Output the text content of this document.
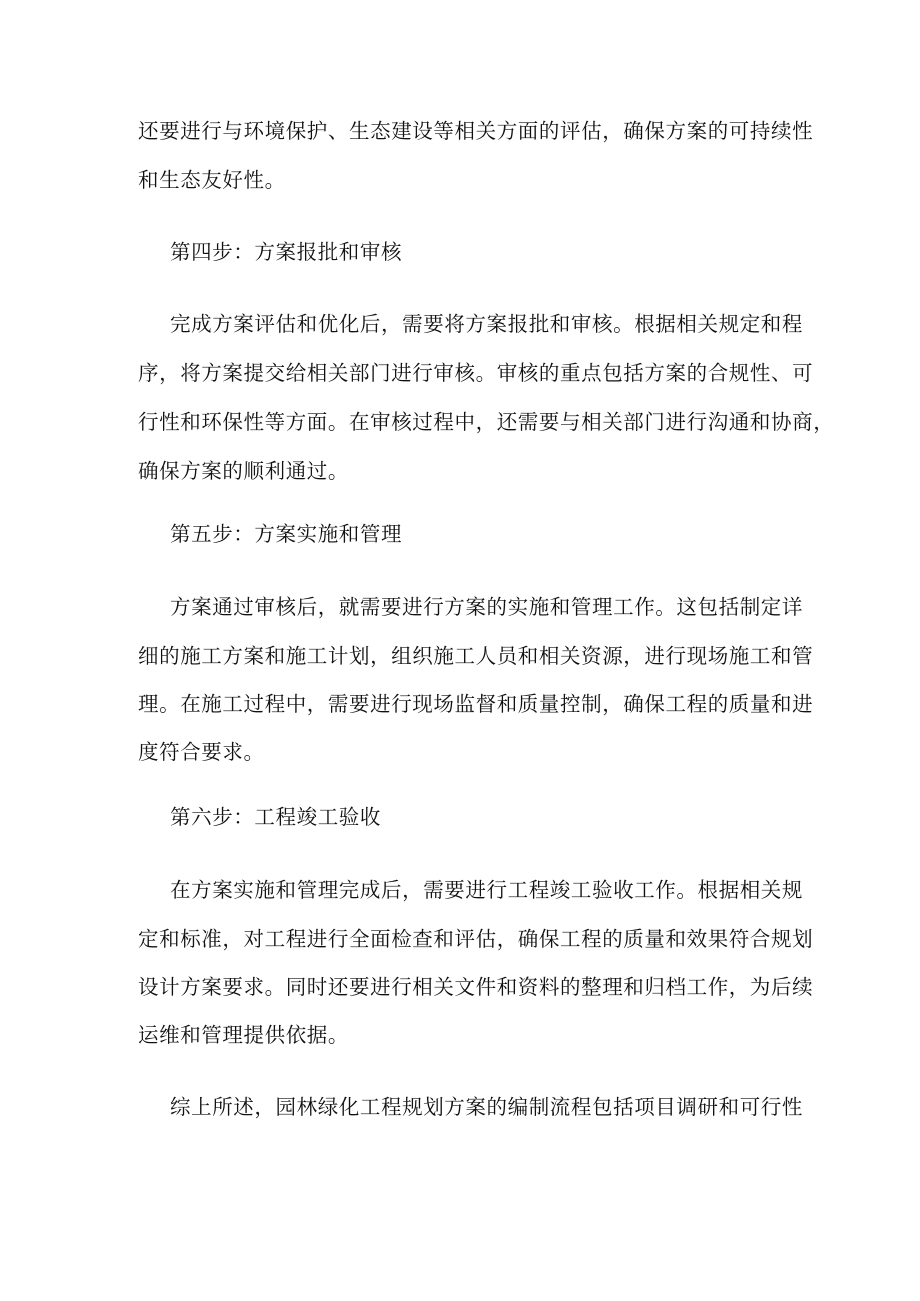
还要进行与环境保护、生态建设等相关方面的评估，确保方案的可持续性
和生态友好性。
第四步：方案报批和审核
完成方案评估和优化后，需要将方案报批和审核。根据相关规定和程
序，将方案提交给相关部门进行审核。审核的重点包括方案的合规性、可
行性和环保性等方面。在审核过程中，还需要与相关部门进行沟通和协商，
确保方案的顺利通过。
第五步：方案实施和管理
方案通过审核后，就需要进行方案的实施和管理工作。这包括制定详
细的施工方案和施工计划，组织施工人员和相关资源，进行现场施工和管
理。在施工过程中，需要进行现场监督和质量控制，确保工程的质量和进
度符合要求。
第六步：工程竣工验收
在方案实施和管理完成后，需要进行工程竣工验收工作。根据相关规
定和标准，对工程进行全面检查和评估，确保工程的质量和效果符合规划
设计方案要求。同时还要进行相关文件和资料的整理和归档工作，为后续
运维和管理提供依据。
综上所述，园林绿化工程规划方案的编制流程包括项目调研和可行性
